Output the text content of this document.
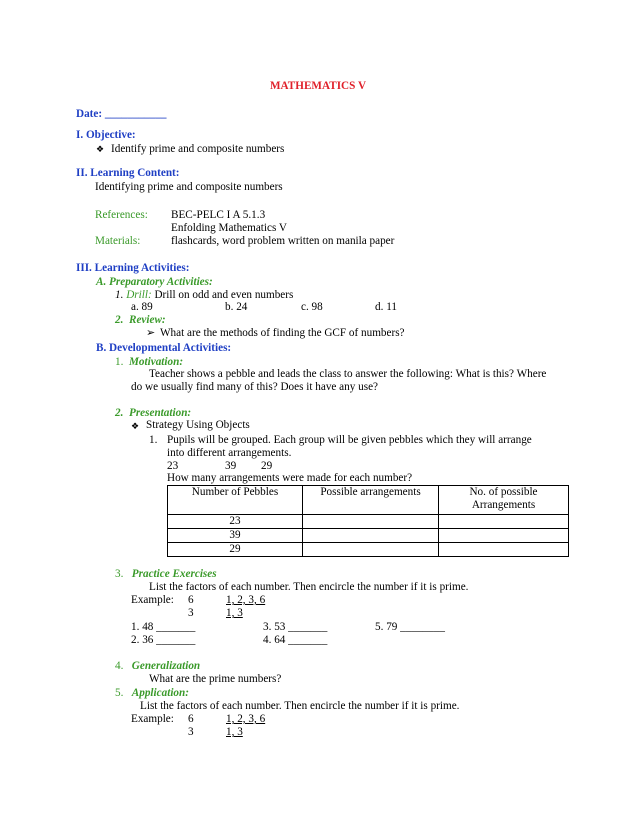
MATHEMATICS V
Date: ___________
I. Objective:
❖ Identify prime and composite numbers
II. Learning Content:
Identifying prime and composite numbers
References: BEC-PELC I A 5.1.3
Enfolding Mathematics V
Materials:	flashcards, word problem written on manila paper
III. Learning Activities:
A. Preparatory Activities:
1. Drill: Drill on odd and even numbers
a. 89	b. 24	c. 98	d. 11
2. Review:
➢ What are the methods of finding the GCF of numbers?
B. Developmental Activities:
1. Motivation:
Teacher shows a pebble and leads the class to answer the following: What is this? Where
do we usually find many of this? Does it have any use?
2. Presentation:
❖ Strategy Using Objects
1. Pupils will be grouped. Each group will be given pebbles which they will arrange
into different arrangements.
23	39 29
How many arrangements were made for each number?
Number of Pebbles	Possible arrangements	No. of possible Arrangements
23		
39		
29		
3. Practice Exercises
List the factors of each number. Then encircle the number if it is prime.
Example: 6	1, 2, 3, 6
3	1, 3
1. 48 _______	3. 53 _______	5. 79 ________
2. 36 _______	4. 64 _______
4. Generalization
What are the prime numbers?
5. Application:
List the factors of each number. Then encircle the number if it is prime.
Example: 6	1, 2, 3, 6
3	1, 3
